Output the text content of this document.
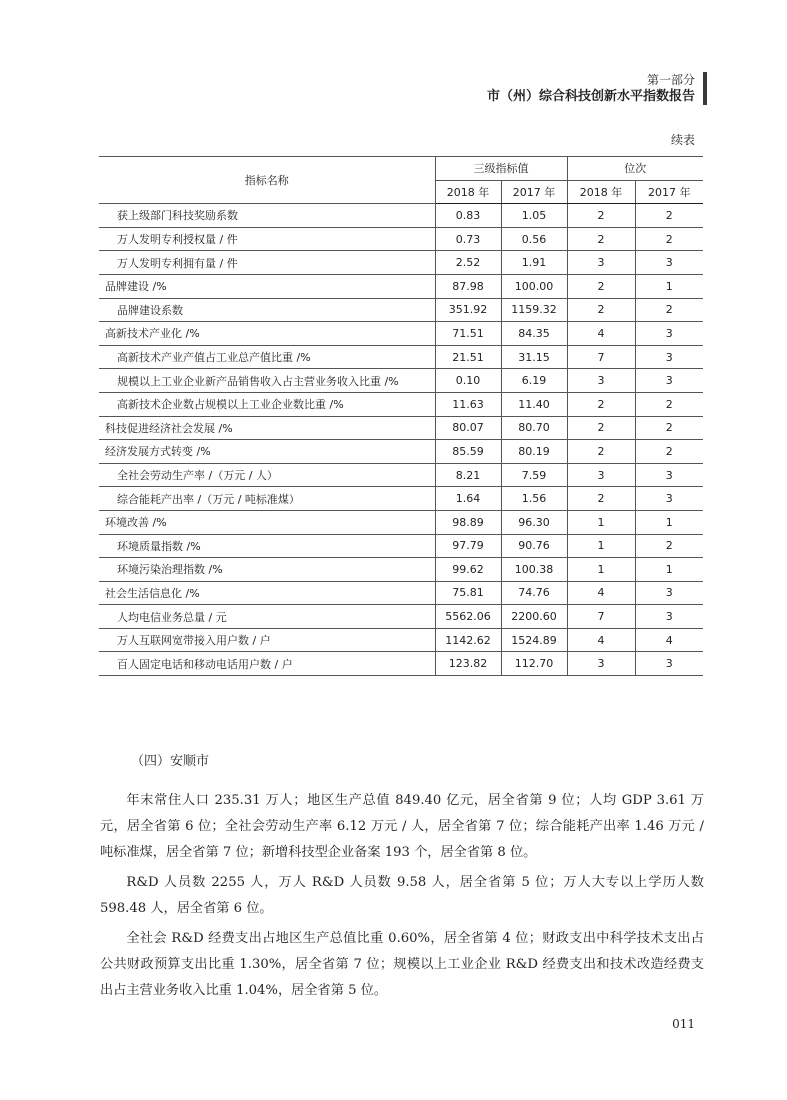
第一部分
市（州）综合科技创新水平指数报告
续表
指标名称	三级指标值		位次	
	2018 年	2017 年	2018 年	2017 年
获上级部门科技奖励系数	0.83	1.05	2	2
万人发明专利授权量 / 件	0.73	0.56	2	2
万人发明专利拥有量 / 件	2.52	1.91	3	3
品牌建设 /%	87.98	100.00	2	1
品牌建设系数	351.92	1159.32	2	2
高新技术产业化 /%	71.51	84.35	4	3
高新技术产业产值占工业总产值比重 /%	21.51	31.15	7	3
规模以上工业企业新产品销售收入占主营业务收入比重 /%	0.10	6.19	3	3
高新技术企业数占规模以上工业企业数比重 /%	11.63	11.40	2	2
科技促进经济社会发展 /%	80.07	80.70	2	2
经济发展方式转变 /%	85.59	80.19	2	2
全社会劳动生产率 /（万元 / 人）	8.21	7.59	3	3
综合能耗产出率 /（万元 / 吨标准煤）	1.64	1.56	2	3
环境改善 /%	98.89	96.30	1	1
环境质量指数 /%	97.79	90.76	1	2
环境污染治理指数 /%	99.62	100.38	1	1
社会生活信息化 /%	75.81	74.76	4	3
人均电信业务总量 / 元	5562.06	2200.60	7	3
万人互联网宽带接入用户数 / 户	1142.62	1524.89	4	4
百人固定电话和移动电话用户数 / 户	123.82	112.70	3	3
（四）安顺市

年末常住人口 235.31 万人；地区生产总值 849.40 亿元，居全省第 9 位；人均 GDP 3.61 万元，居全省第 6 位；全社会劳动生产率 6.12 万元 / 人，居全省第 7 位；综合能耗产出率 1.46 万元 / 吨标准煤，居全省第 7 位；新增科技型企业备案 193 个，居全省第 8 位。

R&D 人员数 2255 人，万人 R&D 人员数 9.58 人，居全省第 5 位；万人大专以上学历人数 598.48 人，居全省第 6 位。

全社会 R&D 经费支出占地区生产总值比重 0.60%，居全省第 4 位；财政支出中科学技术支出占公共财政预算支出比重 1.30%，居全省第 7 位；规模以上工业企业 R&D 经费支出和技术改造经费支出占主营业务收入比重 1.04%，居全省第 5 位。

011
